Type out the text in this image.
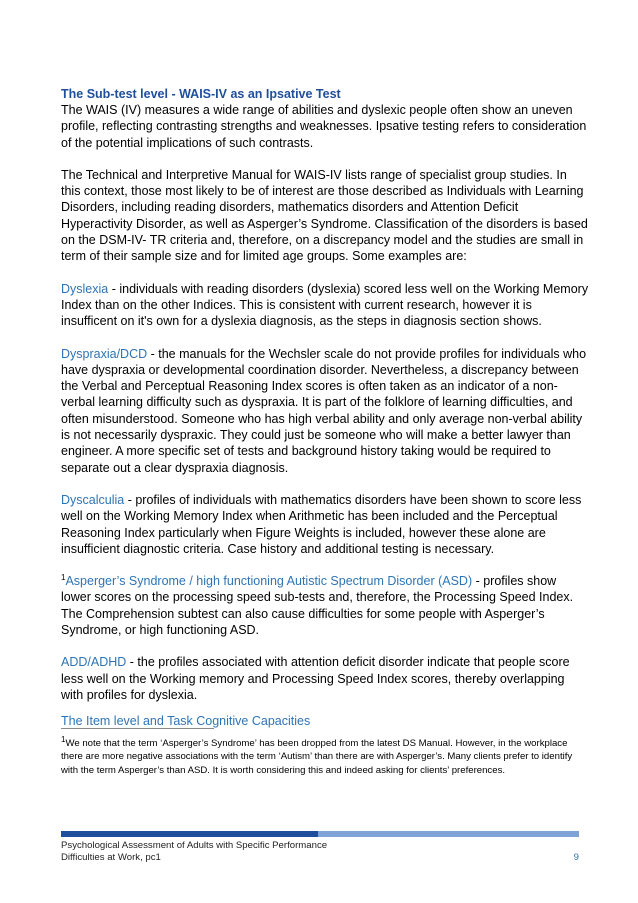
The Sub-test level - WAIS-IV as an Ipsative Test

The WAIS (IV) measures a wide range of abilities and dyslexic people often show an uneven profile, reflecting contrasting strengths and weaknesses. Ipsative testing refers to consideration of the potential implications of such contrasts.

The Technical and Interpretive Manual for WAIS-IV lists range of specialist group studies. In this context, those most likely to be of interest are those described as Individuals with Learning Disorders, including reading disorders, mathematics disorders and Attention Deficit Hyperactivity Disorder, as well as Asperger’s Syndrome. Classification of the disorders is based on the DSM-IV- TR criteria and, therefore, on a discrepancy model and the studies are small in term of their sample size and for limited age groups. Some examples are:

Dyslexia - individuals with reading disorders (dyslexia) scored less well on the Working Memory Index than on the other Indices. This is consistent with current research, however it is insufficent on it's own for a dyslexia diagnosis, as the steps in diagnosis section shows.

Dyspraxia/DCD - the manuals for the Wechsler scale do not provide profiles for individuals who have dyspraxia or developmental coordination disorder. Nevertheless, a discrepancy between the Verbal and Perceptual Reasoning Index scores is often taken as an indicator of a non-verbal learning difficulty such as dyspraxia. It is part of the folklore of learning difficulties, and often misunderstood. Someone who has high verbal ability and only average non-verbal ability is not necessarily dyspraxic. They could just be someone who will make a better lawyer than engineer. A more specific set of tests and background history taking would be required to separate out a clear dyspraxia diagnosis.

Dyscalculia - profiles of individuals with mathematics disorders have been shown to score less well on the Working Memory Index when Arithmetic has been included and the Perceptual Reasoning Index particularly when Figure Weights is included, however these alone are insufficient diagnostic criteria. Case history and additional testing is necessary.

$^1$Asperger’s Syndrome / high functioning Autistic Spectrum Disorder (ASD) - profiles show lower scores on the processing speed sub-tests and, therefore, the Processing Speed Index. The Comprehension subtest can also cause difficulties for some people with Asperger’s Syndrome, or high functioning ASD.

ADD/ADHD - the profiles associated with attention deficit disorder indicate that people score less well on the Working memory and Processing Speed Index scores, thereby overlapping with profiles for dyslexia.

The Item level and Task Cognitive Capacities

$^1$We note that the term ‘Asperger’s Syndrome’ has been dropped from the latest DS Manual. However, in the workplace there are more negative associations with the term ‘Autism’ than there are with Asperger’s. Many clients prefer to identify with the term Asperger’s than ASD. It is worth considering this and indeed asking for clients’ preferences.
Psychological Assessment of Adults with Specific Performance
Difficulties at Work, pc1	9
